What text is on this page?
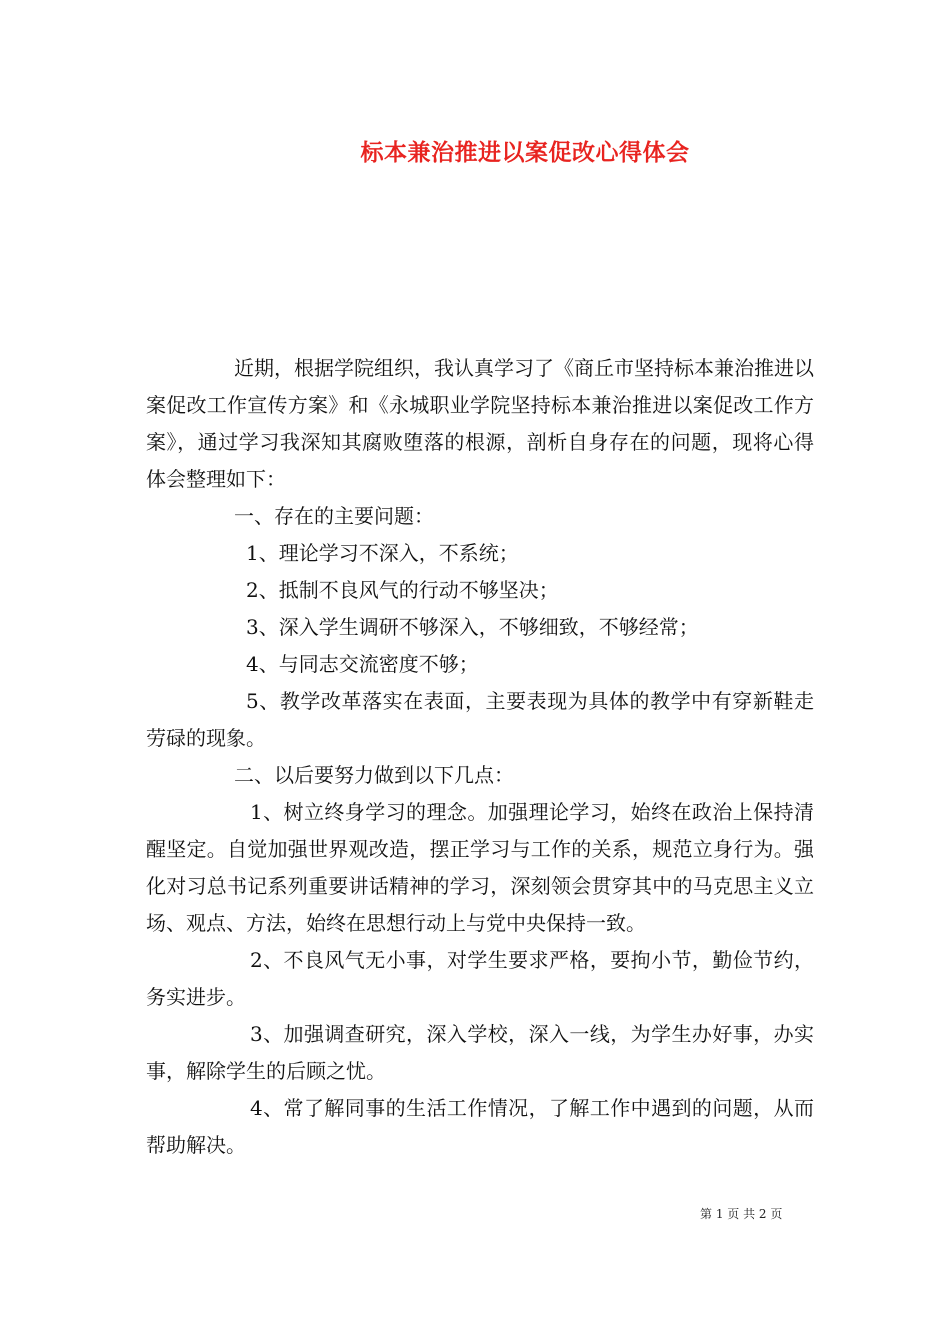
标本兼治推进以案促改心得体会

近期，根据学院组织，我认真学习了《商丘市坚持标本兼治推进以案促改工作宣传方案》和《永城职业学院坚持标本兼治推进以案促改工作方案》，通过学习我深知其腐败堕落的根源，剖析自身存在的问题，现将心得体会整理如下：

一、存在的主要问题：

1、理论学习不深入，不系统；

2、抵制不良风气的行动不够坚决；

3、深入学生调研不够深入，不够细致，不够经常；

4、与同志交流密度不够；

5、教学改革落实在表面，主要表现为具体的教学中有穿新鞋走劳碌的现象。

二、以后要努力做到以下几点：

1、树立终身学习的理念。加强理论学习，始终在政治上保持清醒坚定。自觉加强世界观改造，摆正学习与工作的关系，规范立身行为。强化对习总书记系列重要讲话精神的学习，深刻领会贯穿其中的马克思主义立场、观点、方法，始终在思想行动上与党中央保持一致。

2、不良风气无小事，对学生要求严格，要拘小节，勤俭节约，务实进步。

3、加强调查研究，深入学校，深入一线，为学生办好事，办实事，解除学生的后顾之忧。

4、常了解同事的生活工作情况，了解工作中遇到的问题，从而帮助解决。

第 1 页 共 2 页
